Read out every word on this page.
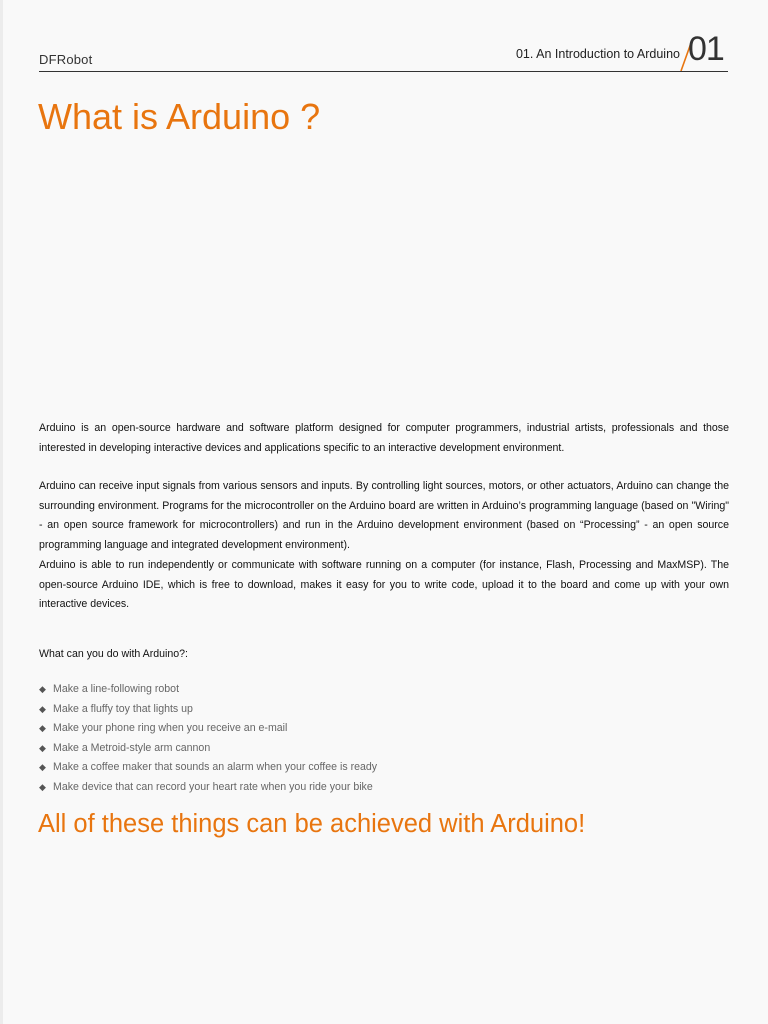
DFRobot	01. An Introduction to Arduino 01
What is Arduino ?

Arduino is an open-source hardware and software platform designed for computer programmers, industrial artists, professionals and those interested in developing interactive devices and applications specific to an interactive development environment.

Arduino can receive input signals from various sensors and inputs. By controlling light sources, motors, or other actuators, Arduino can change the surrounding environment. Programs for the microcontroller on the Arduino board are written in Arduino’s programming language (based on "Wiring" - an open source framework for microcontrollers) and run in the Arduino development environment (based on “Processing” - an open source programming language and integrated development environment).

Arduino is able to run independently or communicate with software running on a computer (for instance, Flash, Processing and MaxMSP). The open-source Arduino IDE, which is free to download, makes it easy for you to write code, upload it to the board and come up with your own interactive devices.

What can you do with Arduino?:

◆ Make a line-following robot
◆ Make a fluffy toy that lights up
◆ Make your phone ring when you receive an e-mail
◆ Make a Metroid-style arm cannon
◆ Make a coffee maker that sounds an alarm when your coffee is ready
◆ Make device that can record your heart rate when you ride your bike
All of these things can be achieved with Arduino!
